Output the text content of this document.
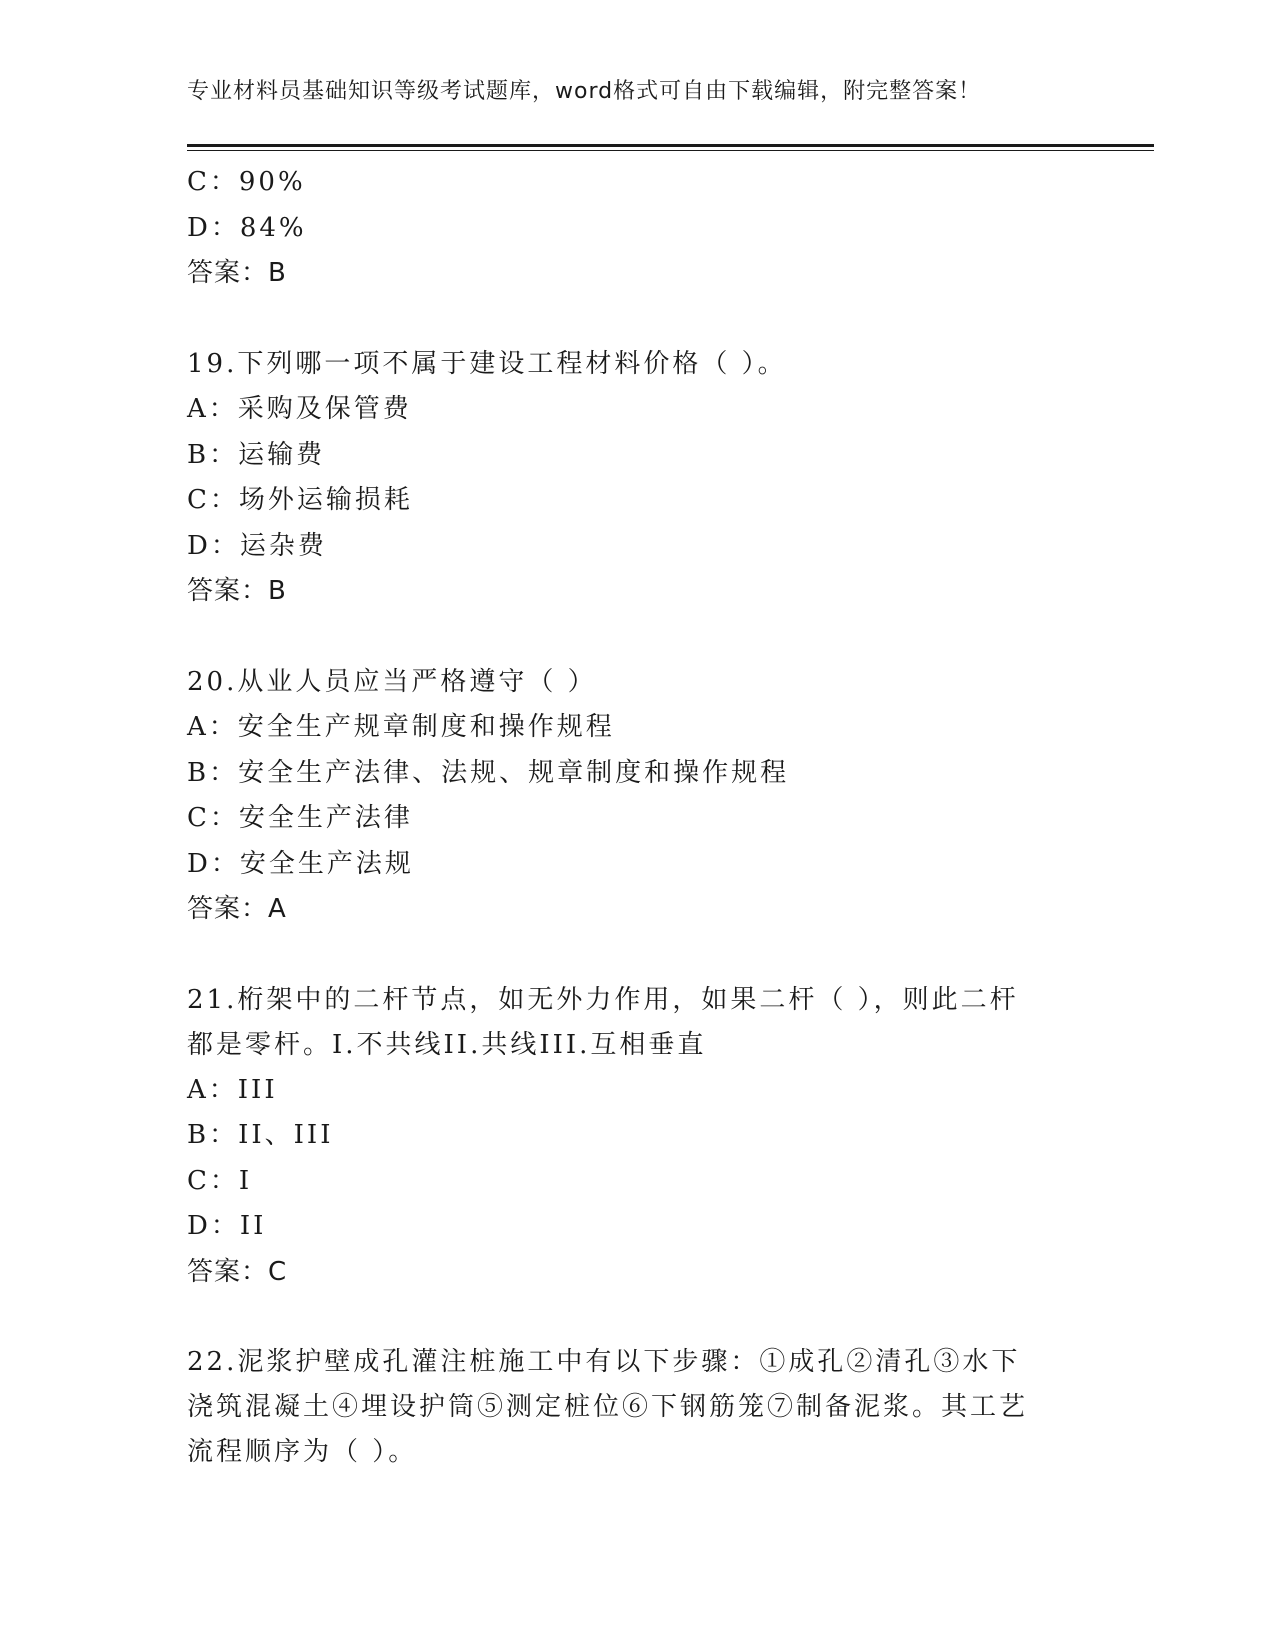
专业材料员基础知识等级考试题库，word格式可自由下载编辑，附完整答案！
C：90%
D：84%
答案：B
19.下列哪一项不属于建设工程材料价格（ ）。
A：采购及保管费
B：运输费
C：场外运输损耗
D：运杂费
答案：B
20.从业人员应当严格遵守（ ）
A：安全生产规章制度和操作规程
B：安全生产法律、法规、规章制度和操作规程
C：安全生产法律
D：安全生产法规
答案：A
21.桁架中的二杆节点，如无外力作用，如果二杆（ ），则此二杆都是零杆。I.不共线II.共线III.互相垂直
A：III
B：II、III
C：I
D：II
答案：C
22.泥浆护壁成孔灌注桩施工中有以下步骤：①成孔②清孔③水下浇筑混凝土④埋设护筒⑤测定桩位⑥下钢筋笼⑦制备泥浆。其工艺流程顺序为（ ）。
